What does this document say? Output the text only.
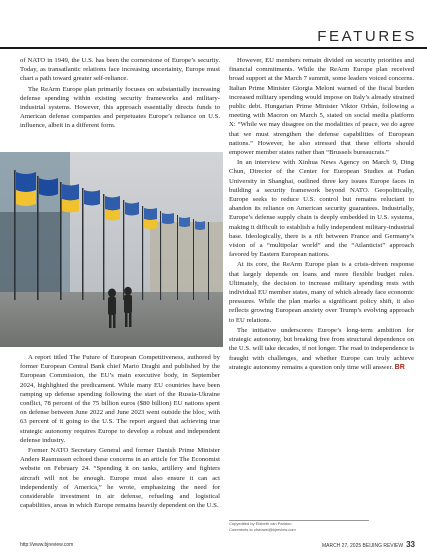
FEATURES

of NATO in 1949, the U.S. has been the cornerstone of Europe’s security. Today, as transatlantic relations face increasing uncertainty, Europe must chart a path toward greater self-reliance.

The ReArm Europe plan primarily focuses on substantially increasing defense spending within existing security frameworks and military-industrial systems. However, this approach essentially directs funds to American defense companies and perpetuates Europe’s reliance on U.S. influence, albeit in a different form.

A report titled The Future of European Competitiveness, authored by former European Central Bank chief Mario Draghi and published by the European Commission, the EU’s main executive body, in September 2024, highlighted the predicament. While many EU countries have been ramping up defense spending following the start of the Russia-Ukraine conflict, 78 percent of the 75 billion euros ($80 billion) EU nations spent on defense between June 2022 and June 2023 went outside the bloc, with 63 percent of it going to the U.S. The report argued that achieving true strategic autonomy requires Europe to develop a robust and independent defense industry.

Former NATO Secretary General and former Danish Prime Minister Anders Rasmussen echoed these concerns in an article for The Economist website on February 24. “Spending it on tanks, artillery and fighters aircraft will not be enough. Europe must also ensure it can act independently of America,” he wrote, emphasizing the need for considerable investment in air defense, refueling and logistical capabilities, areas in which Europe remains heavily dependent on the U.S.

However, EU members remain divided on security priorities and financial commitments. While the ReArm Europe plan received broad support at the March 7 summit, some leaders voiced concerns. Italian Prime Minister Giorgia Meloni warned of the fiscal burden increased military spending would impose on Italy’s already strained public debt. Hungarian Prime Minister Viktor Orbán, following a meeting with Macron on March 5, stated on social media platform X: “While we may disagree on the modalities of peace, we do agree that we must strengthen the defense capabilities of European nations.” However, he also stressed that these efforts should empower member states rather than “Brussels bureaucrats.”

In an interview with Xinhua News Agency on March 9, Ding Chun, Director of the Center for European Studies at Fudan University in Shanghai, outlined three key issues Europe faces in building a security framework beyond NATO. Geopolitically, Europe seeks to reduce U.S. control but remains reluctant to abandon its reliance on American security guarantees. Industrially, Europe’s defense supply chain is deeply embedded in U.S. systems, making it difficult to establish a fully independent military-industrial base. Ideologically, there is a rift between France and Germany’s vision of a “multipolar world” and the “Atlanticist” approach favored by Eastern European nations.

At its core, the ReArm Europe plan is a crisis-driven response that largely depends on loans and more flexible budget rules. Ultimately, the decision to increase military spending rests with individual EU member states, many of which already face economic pressures. While the plan marks a significant policy shift, it also reflects growing European anxiety over Trump’s evolving approach to EU relations.

The initiative underscores Europe’s long-term ambition for strategic autonomy, but breaking free from structural dependence on the U.S. will take decades, if not longer. The road to independence is fraught with challenges, and whether Europe can truly achieve strategic autonomy remains a question only time will answer. BR

Copyedited by Elsbeth van Paridon
Comments to zhaowei@bjreview.com
http://www.bjreview.com	MARCH 27, 2025 BEIJING REVIEW 33
